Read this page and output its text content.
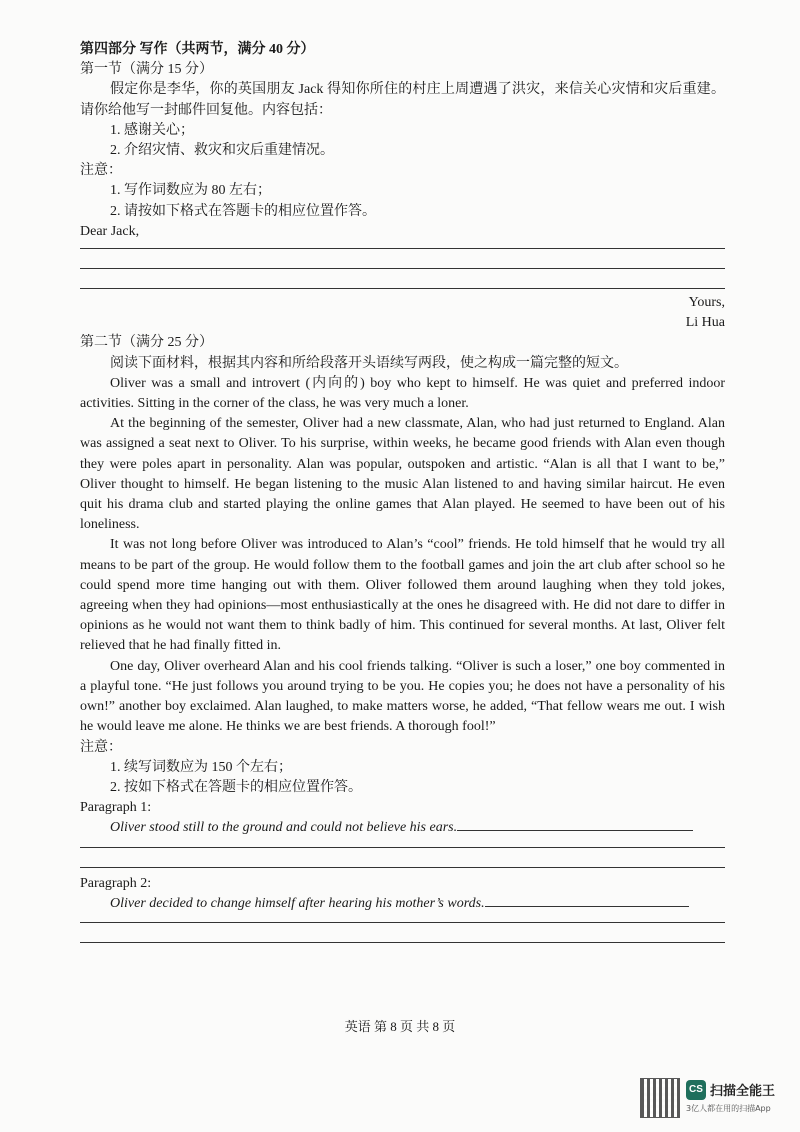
第四部分 写作（共两节，满分 40 分）

第一节（满分 15 分）

假定你是李华，你的英国朋友 Jack 得知你所住的村庄上周遭遇了洪灾，来信关心灾情和灾后重建。请你给他写一封邮件回复他。内容包括：

1. 感谢关心；

2. 介绍灾情、救灾和灾后重建情况。

注意：

1. 写作词数应为 80 左右；

2. 请按如下格式在答题卡的相应位置作答。

Dear Jack,

Yours,

Li Hua

第二节（满分 25 分）

阅读下面材料，根据其内容和所给段落开头语续写两段，使之构成一篇完整的短文。

Oliver was a small and introvert (内向的) boy who kept to himself. He was quiet and preferred indoor activities. Sitting in the corner of the class, he was very much a loner.

At the beginning of the semester, Oliver had a new classmate, Alan, who had just returned to England. Alan was assigned a seat next to Oliver. To his surprise, within weeks, he became good friends with Alan even though they were poles apart in personality. Alan was popular, outspoken and artistic. “Alan is all that I want to be,” Oliver thought to himself. He began listening to the music Alan listened to and having similar haircut. He even quit his drama club and started playing the online games that Alan played. He seemed to have been out of his loneliness.

It was not long before Oliver was introduced to Alan’s “cool” friends. He told himself that he would try all means to be part of the group. He would follow them to the football games and join the art club after school so he could spend more time hanging out with them. Oliver followed them around laughing when they told jokes, agreeing when they had opinions—most enthusiastically at the ones he disagreed with. He did not dare to differ in opinions as he would not want them to think badly of him. This continued for several months. At last, Oliver felt relieved that he had finally fitted in.

One day, Oliver overheard Alan and his cool friends talking. “Oliver is such a loser,” one boy commented in a playful tone. “He just follows you around trying to be you. He copies you; he does not have a personality of his own!” another boy exclaimed. Alan laughed, to make matters worse, he added, “That fellow wears me out. I wish he would leave me alone. He thinks we are best friends. A thorough fool!”

注意：

1. 续写词数应为 150 个左右；

2. 按如下格式在答题卡的相应位置作答。

Paragraph 1:

Oliver stood still to the ground and could not believe his ears.

Paragraph 2:

Oliver decided to change himself after hearing his mother’s words.

英语 第 8 页 共 8 页
CS 扫描全能王
3亿人都在用的扫描App
